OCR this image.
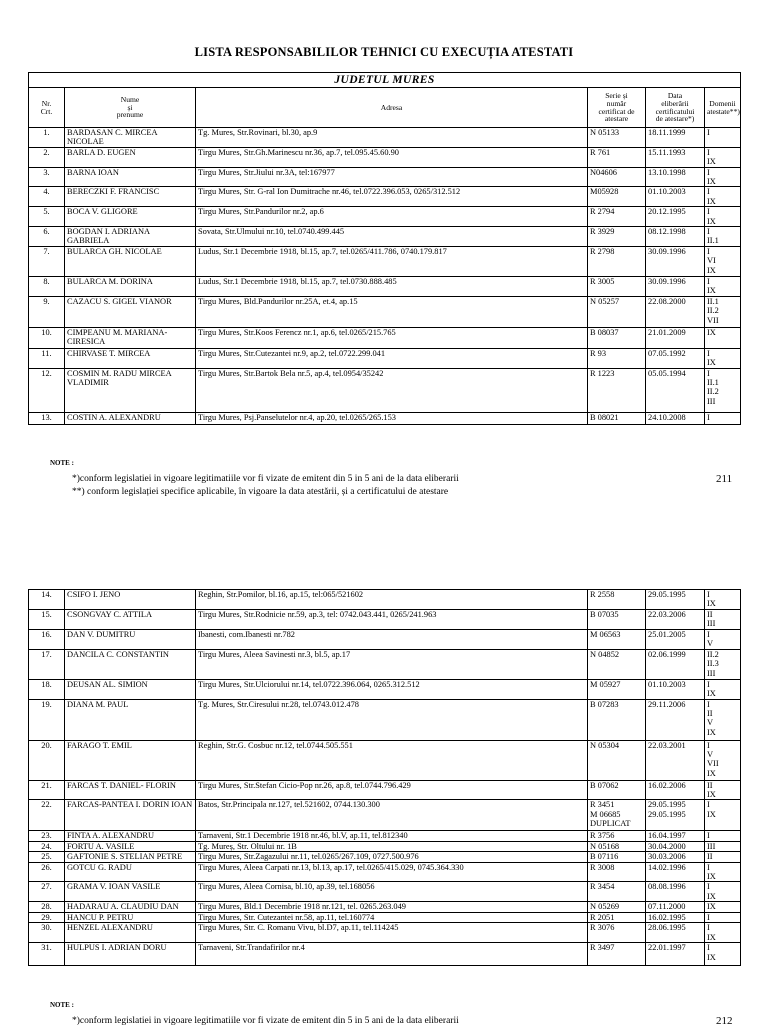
LISTA RESPONSABILILOR TEHNICI CU EXECUȚIA ATESTATI
JUDETUL MURES					
Nr.
Crt.	Nume
și
prenume	Adresa	Serie și
număr
certificat de
atestare	Data
eliberării
certificatului
de atestare*)	Domenii
atestate**)
1.	BARDASAN C. MIRCEA NICOLAE	Tg. Mures, Str.Rovinari, bl.30, ap.9	N 05133	18.11.1999	I
2.	BARLA D. EUGEN	Tirgu Mures, Str.Gh.Marinescu nr.36, ap.7, tel.095.45.60.90	R 761	15.11.1993	I
IX
3.	BARNA IOAN	Tirgu Mures, Str.Jiului nr.3A, tel:167977	N04606	13.10.1998	I
IX
4.	BERECZKI F. FRANCISC	Tirgu Mures, Str. G-ral Ion Dumitrache nr.46, tel.0722.396.053, 0265/312.512	M05928	01.10.2003	I
IX
5.	BOCA V. GLIGORE	Tirgu Mures, Str.Pandurilor nr.2, ap.6	R 2794	20.12.1995	I
IX
6.	BOGDAN I. ADRIANA GABRIELA	Sovata, Str.Ulmului nr.10, tel.0740.499.445	R 3929	08.12.1998	I
II.1
7.	BULARCA GH. NICOLAE	Ludus, Str.1 Decembrie 1918, bl.15, ap.7, tel.0265/411.786, 0740.179.817	R 2798	30.09.1996	I
VI
IX
8.	BULARCA M. DORINA	Ludus, Str.1 Decembrie 1918, bl.15, ap.7, tel.0730.888.485	R 3005	30.09.1996	I
IX
9.	CAZACU S. GIGEL VIANOR	Tirgu Mures, Bld.Pandurilor nr.25A, et.4, ap.15	N 05257	22.08.2000	II.1
II.2
VII
10.	CIMPEANU M. MARIANA-CIRESICA	Tirgu Mures, Str.Koos Ferencz nr.1, ap.6, tel.0265/215.765	B 08037	21.01.2009	IX
11.	CHIRVASE T. MIRCEA	Tirgu Mures, Str.Cutezantei nr.9, ap.2, tel.0722.299.041	R 93	07.05.1992	I
IX
12.	COSMIN M. RADU MIRCEA VLADIMIR	Tirgu Mures, Str.Bartok Bela nr.5, ap.4, tel.0954/35242	R 1223	05.05.1994	I
II.1
II.2
III
13.	COSTIN A. ALEXANDRU	Tirgu Mures, Psj.Panselutelor nr.4, ap.20, tel.0265/265.153	B 08021	24.10.2008	I
NOTE :
*)conform legislatiei in vigoare legitimatiile vor fi vizate de emitent din 5 in 5 ani de la data eliberarii
**) conform legislației specifice aplicabile, în vigoare la data atestării, și a certificatului de atestare
211
14.	CSIFO I. JENO	Reghin, Str.Pomilor, bl.16, ap.15, tel:065/521602	R 2558	29.05.1995	I
IX
15.	CSONGVAY C. ATTILA	Tirgu Mures, Str.Rodnicie nr.59, ap.3, tel: 0742.043.441, 0265/241.963	B 07035	22.03.2006	II
III
16.	DAN V. DUMITRU	Ibanesti, com.Ibanesti nr.782	M 06563	25.01.2005	I
V
17.	DANCILA C. CONSTANTIN	Tirgu Mures, Aleea Savinesti nr.3, bl.5, ap.17	N 04852	02.06.1999	II.2
II.3
III
18.	DEUSAN AL. SIMION	Tirgu Mures, Str.Ulciorului nr.14, tel.0722.396.064, 0265.312.512	M 05927	01.10.2003	I
IX
19.	DIANA M. PAUL	Tg. Mures, Str.Ciresului nr.28, tel.0743.012.478	B 07283	29.11.2006	I
II
V
IX
20.	FARAGO T. EMIL	Reghin, Str.G. Cosbuc nr.12, tel.0744.505.551	N 05304	22.03.2001	I
V
VII
IX
21.	FARCAS T. DANIEL- FLORIN	Tirgu Mures, Str.Stefan Cicio-Pop nr.26, ap.8, tel.0744.796.429	B 07062	16.02.2006	II
IX
22.	FARCAS-PANTEA I. DORIN IOAN	Batos, Str.Principala nr.127, tel.521602, 0744.130.300	R 3451
M 06685
DUPLICAT	29.05.1995
29.05.1995	I
IX
23.	FINTA A. ALEXANDRU	Tarnaveni, Str.1 Decembrie 1918 nr.46, bl.V, ap.11, tel.812340	R 3756	16.04.1997	I
24.	FORTU A. VASILE	Tg. Mureș, Str. Oltului nr. 1B	N 05168	30.04.2000	III
25.	GAFTONIE S. STELIAN PETRE	Tirgu Mures, Str.Zagazului nr.11, tel.0265/267.109, 0727.500.976	B 07116	30.03.2006	II
26.	GOTCU G. RADU	Tirgu Mures, Aleea Carpati nr.13, bl.13, ap.17, tel.0265/415.029, 0745.364.330	R 3008	14.02.1996	I
IX
27.	GRAMA V. IOAN VASILE	Tirgu Mures, Aleea Cornisa, bl.10, ap.39, tel.168056	R 3454	08.08.1996	I
IX
28.	HADARAU A. CLAUDIU DAN	Tirgu Mures, Bld.1 Decembrie 1918 nr.121, tel. 0265.263.049	N 05269	07.11.2000	IX
29.	HANCU P. PETRU	Tirgu Mures, Str. Cutezantei nr.58, ap.11, tel.160774	R 2051	16.02.1995	I
30.	HENZEL ALEXANDRU	Tirgu Mures, Str. C. Romanu Vivu, bl.D7, ap.11, tel.114245	R 3076	28.06.1995	I
IX
31.	HULPUS I. ADRIAN DORU	Tarnaveni, Str.Trandafirilor nr.4	R 3497	22.01.1997	I
IX
NOTE :
*)conform legislatiei in vigoare legitimatiile vor fi vizate de emitent din 5 in 5 ani de la data eliberarii	212
